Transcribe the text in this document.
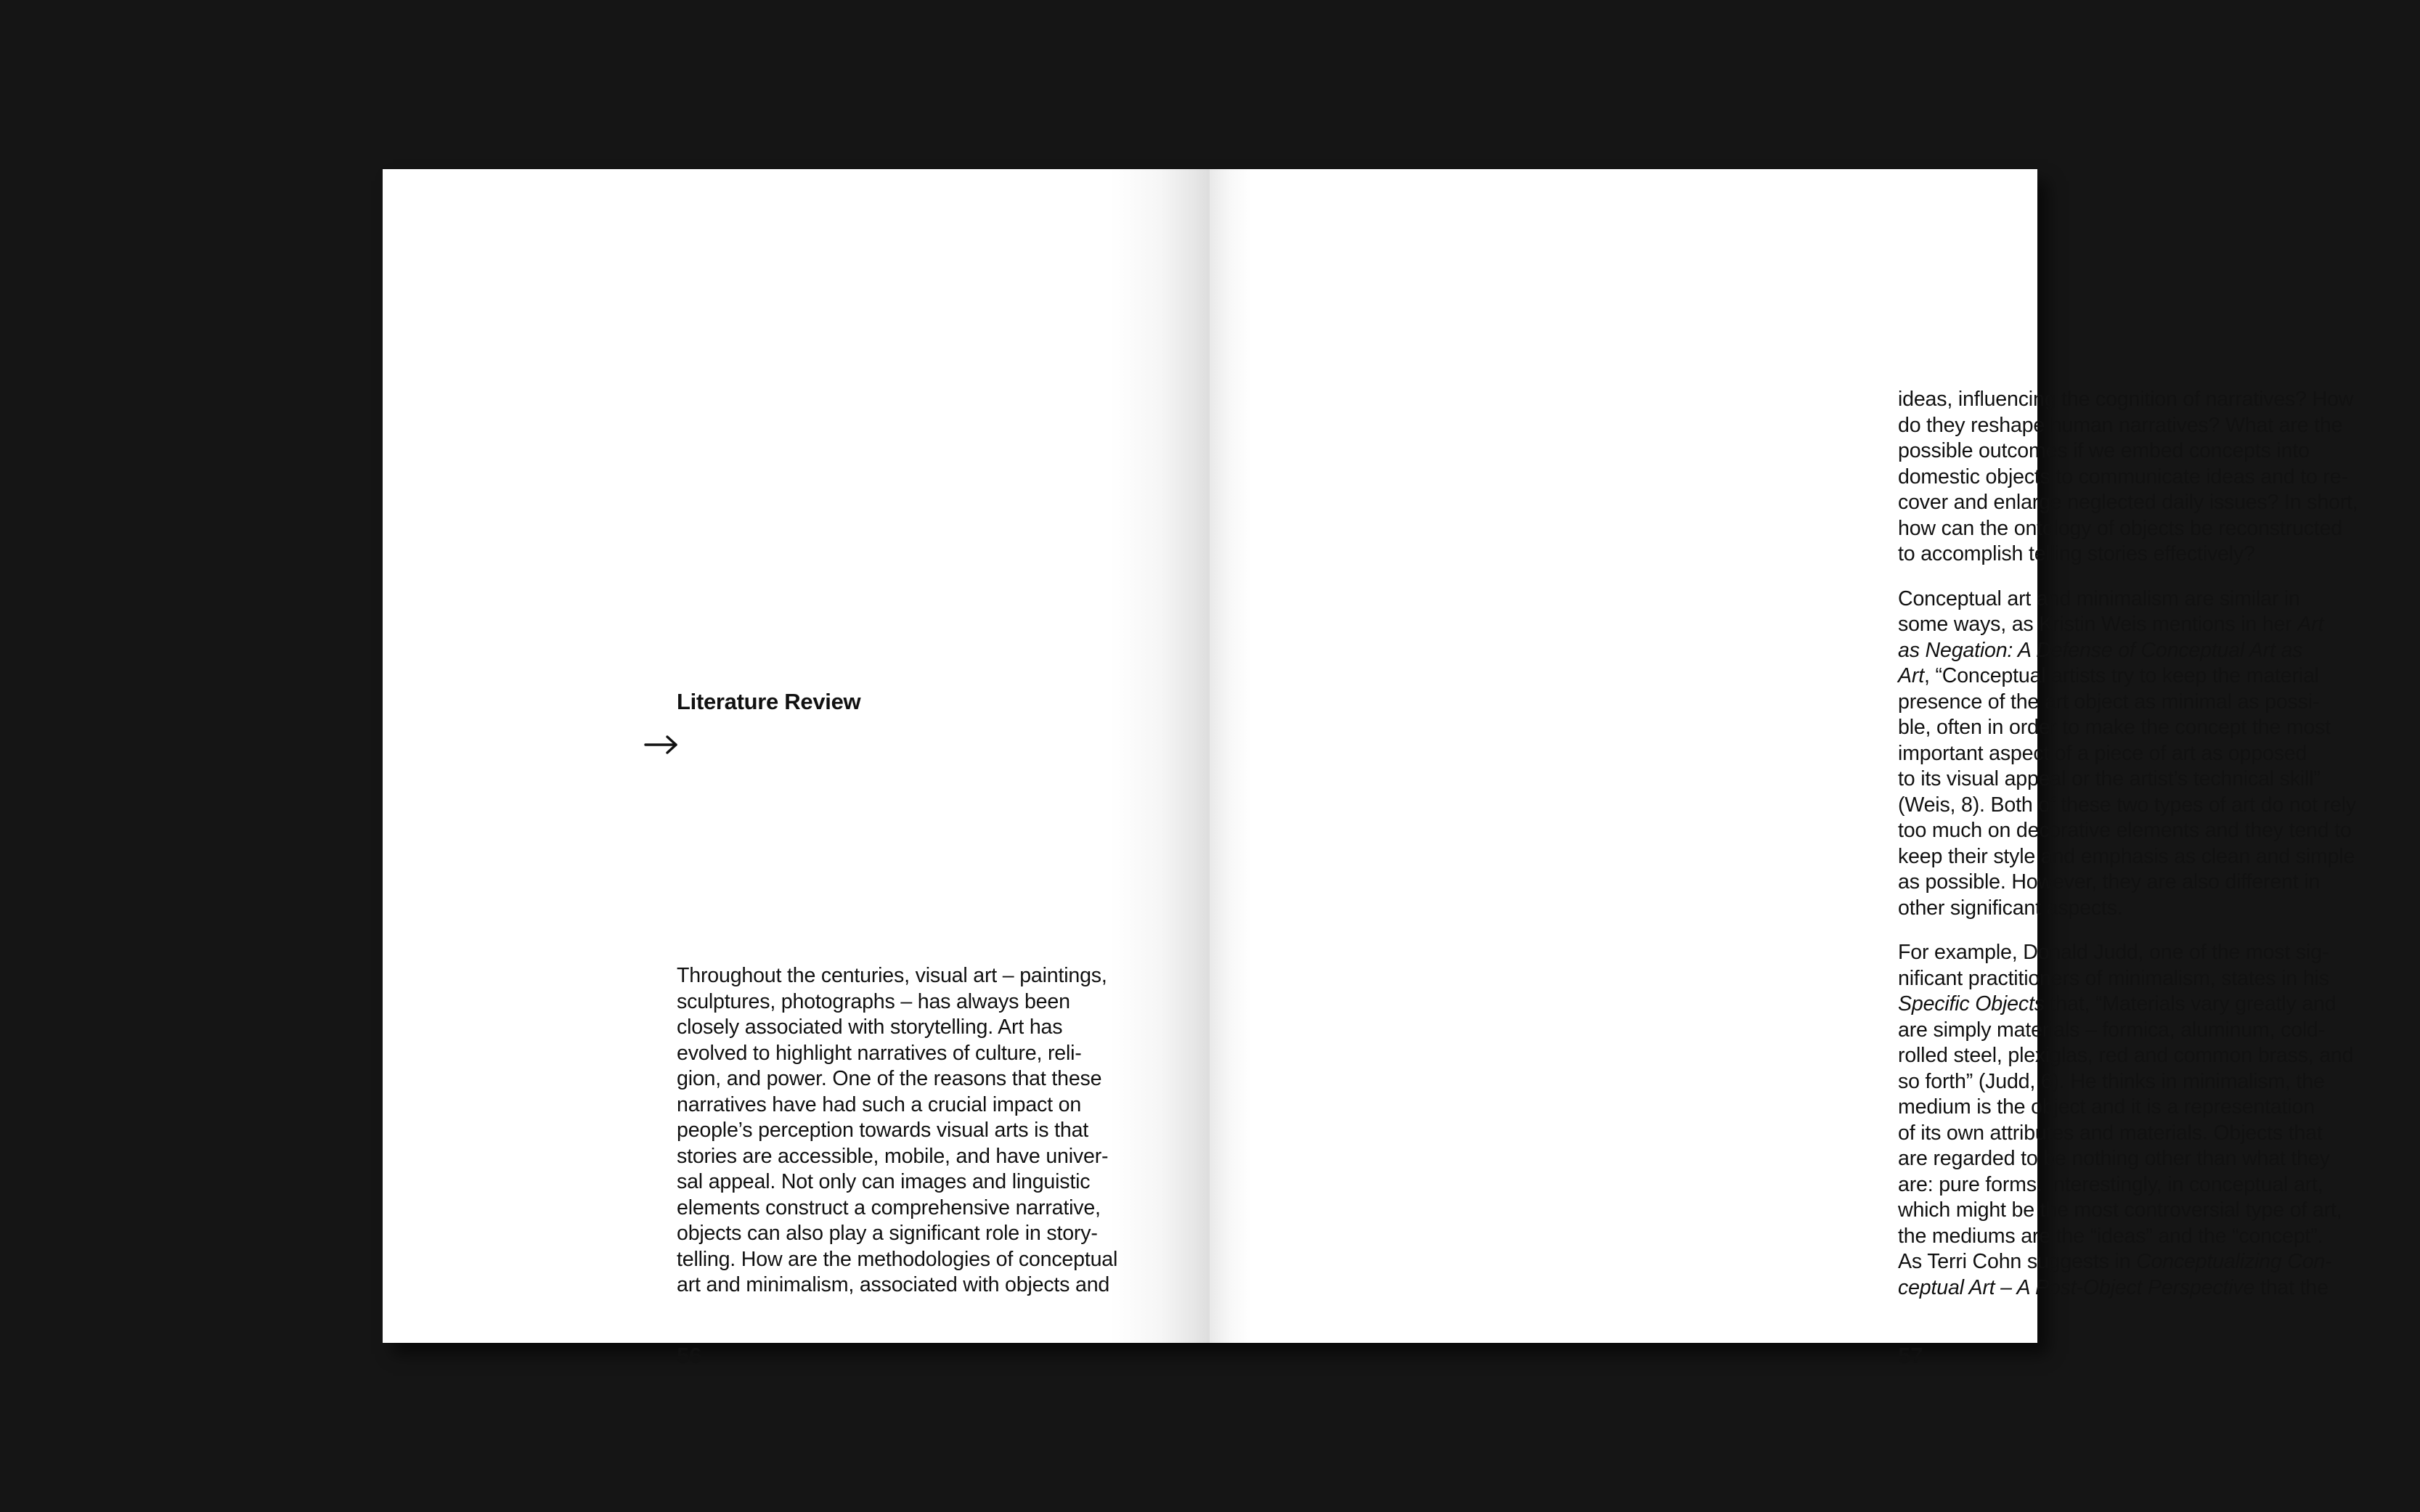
Literature Review

Throughout the centuries, visual art – paintings,
sculptures, photographs – has always been
closely associated with storytelling. Art has
evolved to highlight narratives of culture, reli-
gion, and power. One of the reasons that these
narratives have had such a crucial impact on
people’s perception towards visual arts is that
stories are accessible, mobile, and have univer-
sal appeal. Not only can images and linguistic
elements construct a comprehensive narrative,
objects can also play a significant role in story-
telling. How are the methodologies of conceptual
art and minimalism, associated with objects and

56

ideas, influencing the cognition of narratives? How
do they reshape human narratives? What are the
possible outcomes if we embed concepts into
domestic objects to communicate ideas and to re-
cover and enlarge neglected daily issues? In short,
how can the ontology of objects be reconstructed
to accomplish telling stories effectively?

Conceptual art and minimalism are similar in
some ways, as Kristin Weis mentions in her Art
as Negation: A Defense of Conceptual Art as
Art, “Conceptual artists try to keep the material
presence of the art object as minimal as possi-
ble, often in order to make the concept the most
important aspect of a piece of art as opposed
to its visual appeal or the artist’s technical skill”
(Weis, 8). Both of these two types of art do not rely
too much on decorative elements and they tend to
keep their style and emphasis as clean and simple
as possible. However, they are also different in
other significant aspects.

For example, Donald Judd, one of the most sig-
nificant practitioners of minimalism, states in his
Specific Objects that, “Materials vary greatly and
are simply materials – formica, aluminum, cold-
rolled steel, plexiglas, red and common brass, and
so forth” (Judd, 6). He thinks in minimalism, the
medium is the object and it is a representation
of its own attributes and materials. Objects that
are regarded to be nothing other than what they
are: pure forms. Interestingly, in conceptual art,
which might be the most controversial type of art,
the mediums are the “ideas” and the “concept”.
As Terri Cohn suggests in Conceptualizing Con-
ceptual Art – A Post-Object Perspective that the

57
